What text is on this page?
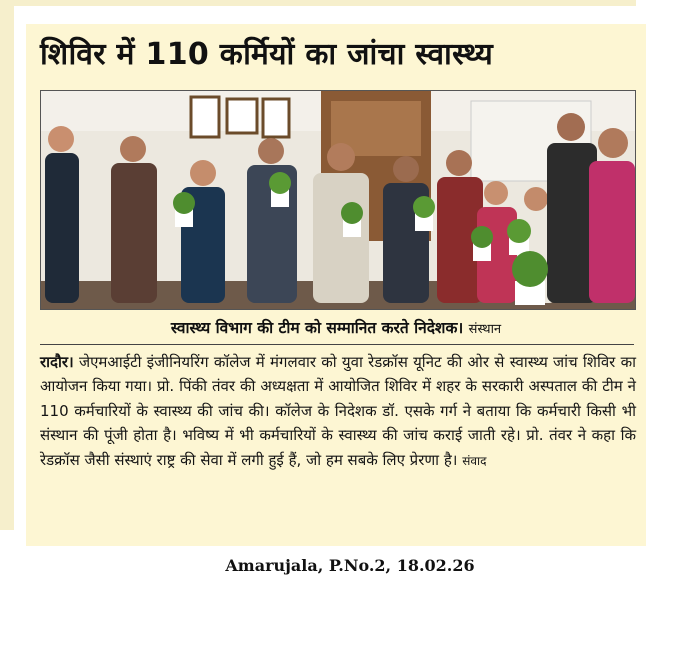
शिविर में 110 कर्मियों का जांचा स्वास्थ्य
स्वास्थ्य विभाग की टीम को सम्मानित करते निदेशक। संस्थान
रादौर। जेएमआईटी इंजीनियरिंग कॉलेज में मंगलवार को युवा रेडक्रॉस यूनिट की ओर से स्वास्थ्य जांच शिविर का आयोजन किया गया। प्रो. पिंकी तंवर की अध्यक्षता में आयोजित शिविर में शहर के सरकारी अस्पताल की टीम ने 110 कर्मचारियों के स्वास्थ्य की जांच की। कॉलेज के निदेशक डॉ. एसके गर्ग ने बताया कि कर्मचारी किसी भी संस्थान की पूंजी होता है। भविष्य में भी कर्मचारियों के स्वास्थ्य की जांच कराई जाती रहे। प्रो. तंवर ने कहा कि रेडक्रॉस जैसी संस्थाएं राष्ट्र की सेवा में लगी हुई हैं, जो हम सबके लिए प्रेरणा है। संवाद
Amarujala, P.No.2, 18.02.26
